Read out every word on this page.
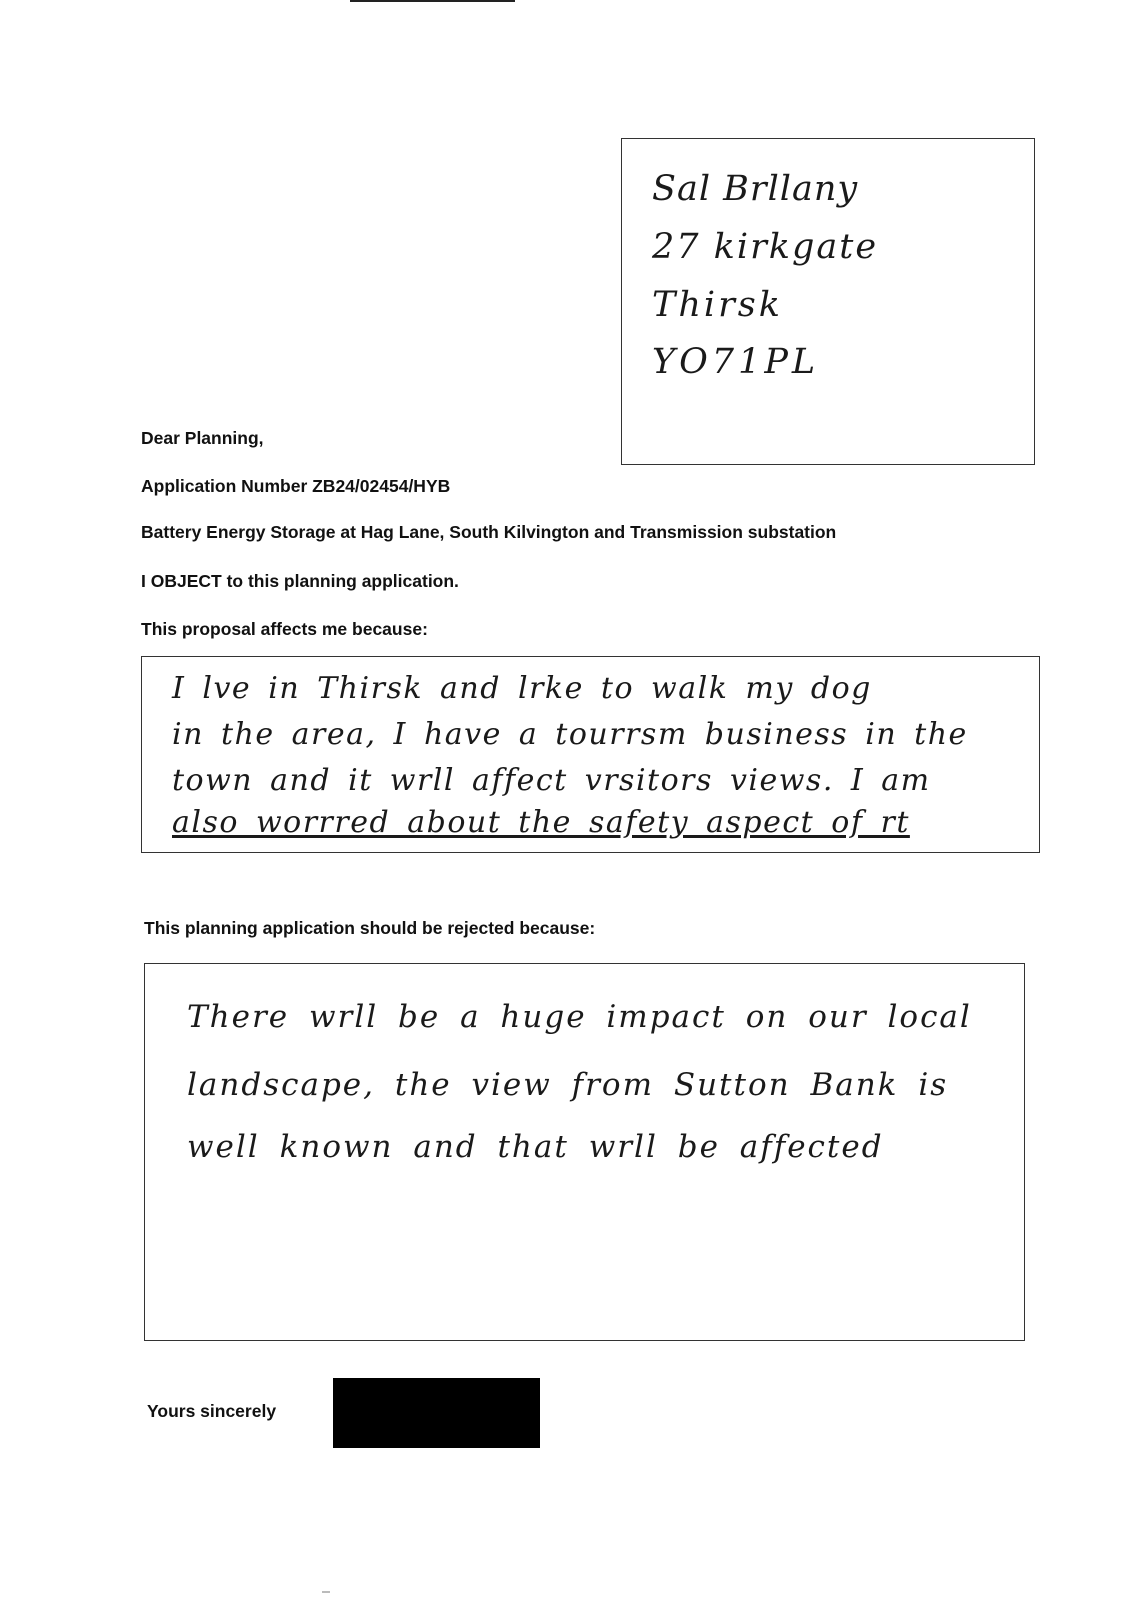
Sal Brllany
27 kirkgate
Thirsk
YO71PL
Dear Planning,
Application Number ZB24/02454/HYB
Battery Energy Storage at Hag Lane, South Kilvington and Transmission substation
I OBJECT to this planning application.
This proposal affects me because:
I lve in Thirsk and lrke to walk my dog
in the area, I have a tourrsm business in the
town and it wrll affect vrsitors views. I am
also worrred about the safety aspect of rt
This planning application should be rejected because:
There wrll be a huge impact on our local
landscape, the view from Sutton Bank is
well known and that wrll be affected
Yours sincerely
